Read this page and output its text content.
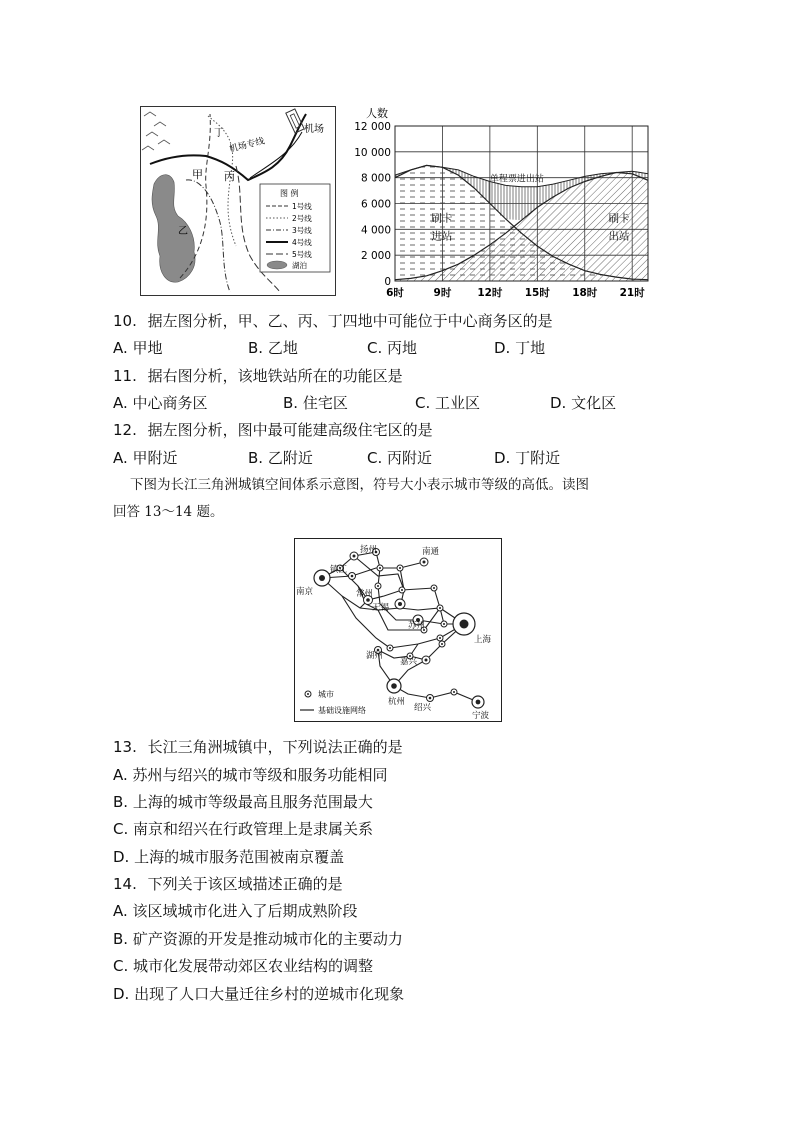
机场
机场专线
丁
甲 丙
乙
图 例
1号线
2号线
3号线
4号线
5号线
湖泊
人数
0
2 000
4 000
6 000
8 000
10 000
12 000
6时	9时 12时 15时 18时 21时
单程票进出站
刷卡
进站
刷卡
出站
10. 据左图分析，甲、乙、丙、丁四地中可能位于中心商务区的是
A. 甲地	B. 乙地	C. 丙地	D. 丁地
11. 据右图分析，该地铁站所在的功能区是
A. 中心商务区	B. 住宅区	C. 工业区	D. 文化区
12. 据左图分析，图中最可能建高级住宅区的是
A. 甲附近	B. 乙附近	C. 丙附近	D. 丁附近
下图为长江三角洲城镇空间体系示意图，符号大小表示城市等级的高低。读图
回答 13～14 题。
扬州	南通
镇江
南京	常州
无锡
苏州
上海
湖州
嘉兴
杭州
绍兴
宁波
城市
基础设施网络
13. 长江三角洲城镇中，下列说法正确的是
A. 苏州与绍兴的城市等级和服务功能相同
B. 上海的城市等级最高且服务范围最大
C. 南京和绍兴在行政管理上是隶属关系
D. 上海的城市服务范围被南京覆盖
14. 下列关于该区域描述正确的是
A. 该区域城市化进入了后期成熟阶段
B. 矿产资源的开发是推动城市化的主要动力
C. 城市化发展带动郊区农业结构的调整
D. 出现了人口大量迁往乡村的逆城市化现象
